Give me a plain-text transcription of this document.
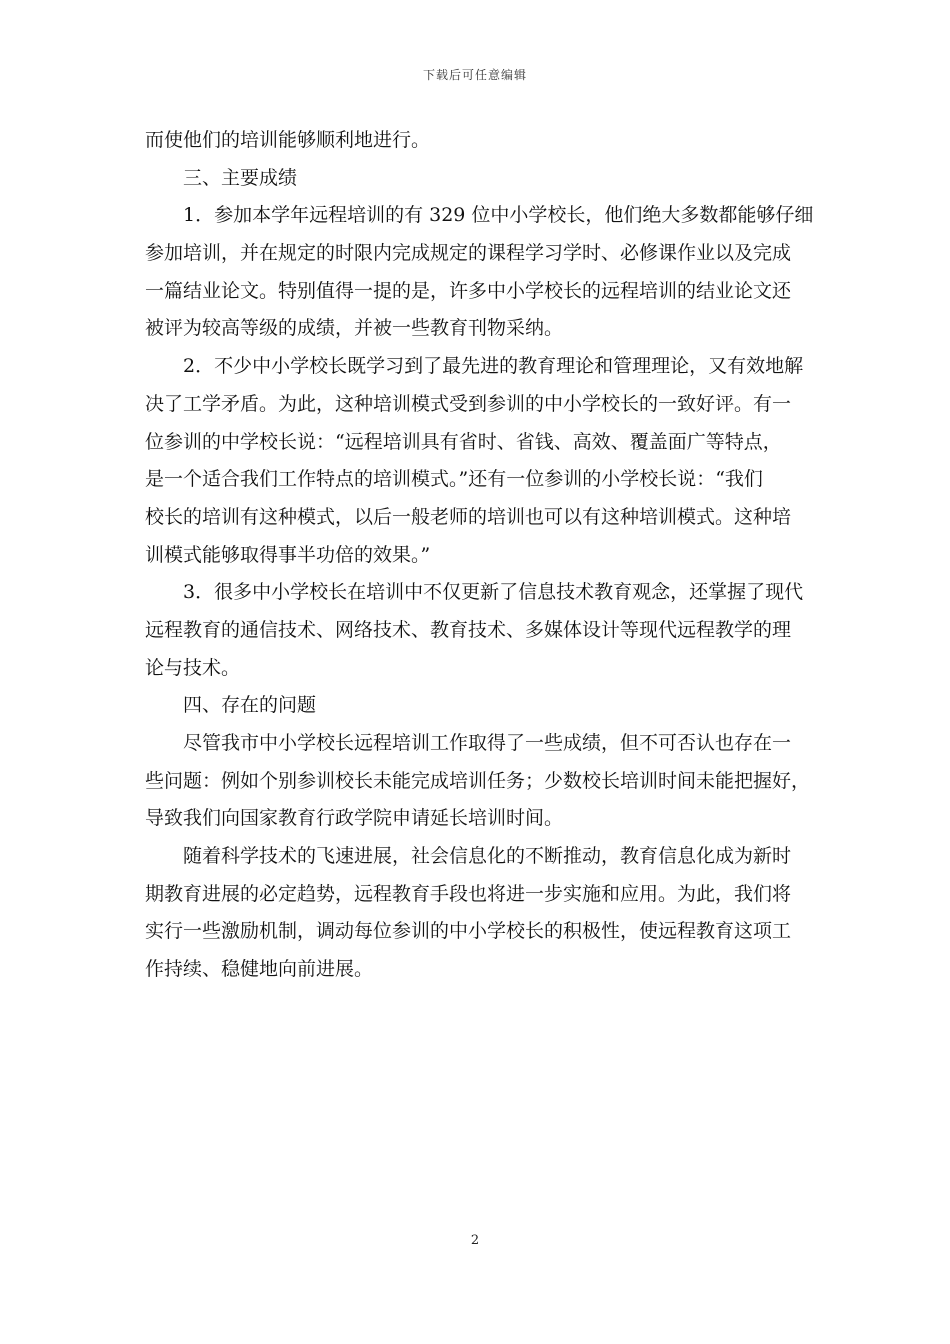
下载后可任意编辑
而使他们的培训能够顺利地进行。
三、主要成绩
1．参加本学年远程培训的有 329 位中小学校长，他们绝大多数都能够仔细
参加培训，并在规定的时限内完成规定的课程学习学时、必修课作业以及完成
一篇结业论文。特别值得一提的是，许多中小学校长的远程培训的结业论文还
被评为较高等级的成绩，并被一些教育刊物采纳。
2．不少中小学校长既学习到了最先进的教育理论和管理理论，又有效地解
决了工学矛盾。为此，这种培训模式受到参训的中小学校长的一致好评。有一
位参训的中学校长说：“远程培训具有省时、省钱、高效、覆盖面广等特点，
是一个适合我们工作特点的培训模式。”还有一位参训的小学校长说：“我们
校长的培训有这种模式，以后一般老师的培训也可以有这种培训模式。这种培
训模式能够取得事半功倍的效果。”
3．很多中小学校长在培训中不仅更新了信息技术教育观念，还掌握了现代
远程教育的通信技术、网络技术、教育技术、多媒体设计等现代远程教学的理
论与技术。
四、存在的问题
尽管我市中小学校长远程培训工作取得了一些成绩，但不可否认也存在一
些问题：例如个别参训校长未能完成培训任务；少数校长培训时间未能把握好，
导致我们向国家教育行政学院申请延长培训时间。
随着科学技术的飞速进展，社会信息化的不断推动，教育信息化成为新时
期教育进展的必定趋势，远程教育手段也将进一步实施和应用。为此，我们将
实行一些激励机制，调动每位参训的中小学校长的积极性，使远程教育这项工
作持续、稳健地向前进展。
2
